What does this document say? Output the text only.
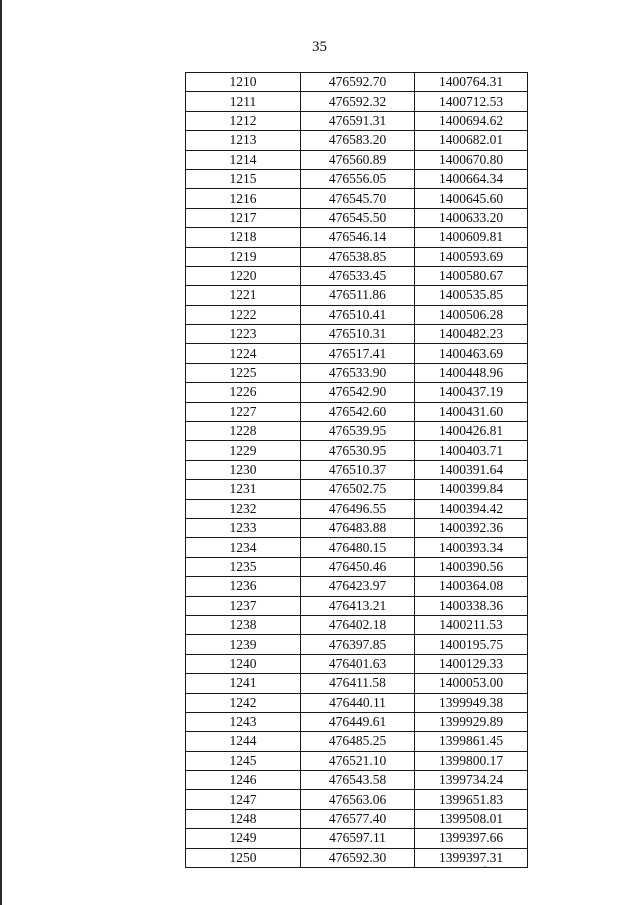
35
1210	476592.70	1400764.31
1211	476592.32	1400712.53
1212	476591.31	1400694.62
1213	476583.20	1400682.01
1214	476560.89	1400670.80
1215	476556.05	1400664.34
1216	476545.70	1400645.60
1217	476545.50	1400633.20
1218	476546.14	1400609.81
1219	476538.85	1400593.69
1220	476533.45	1400580.67
1221	476511.86	1400535.85
1222	476510.41	1400506.28
1223	476510.31	1400482.23
1224	476517.41	1400463.69
1225	476533.90	1400448.96
1226	476542.90	1400437.19
1227	476542.60	1400431.60
1228	476539.95	1400426.81
1229	476530.95	1400403.71
1230	476510.37	1400391.64
1231	476502.75	1400399.84
1232	476496.55	1400394.42
1233	476483.88	1400392.36
1234	476480.15	1400393.34
1235	476450.46	1400390.56
1236	476423.97	1400364.08
1237	476413.21	1400338.36
1238	476402.18	1400211.53
1239	476397.85	1400195.75
1240	476401.63	1400129.33
1241	476411.58	1400053.00
1242	476440.11	1399949.38
1243	476449.61	1399929.89
1244	476485.25	1399861.45
1245	476521.10	1399800.17
1246	476543.58	1399734.24
1247	476563.06	1399651.83
1248	476577.40	1399508.01
1249	476597.11	1399397.66
1250	476592.30	1399397.31
